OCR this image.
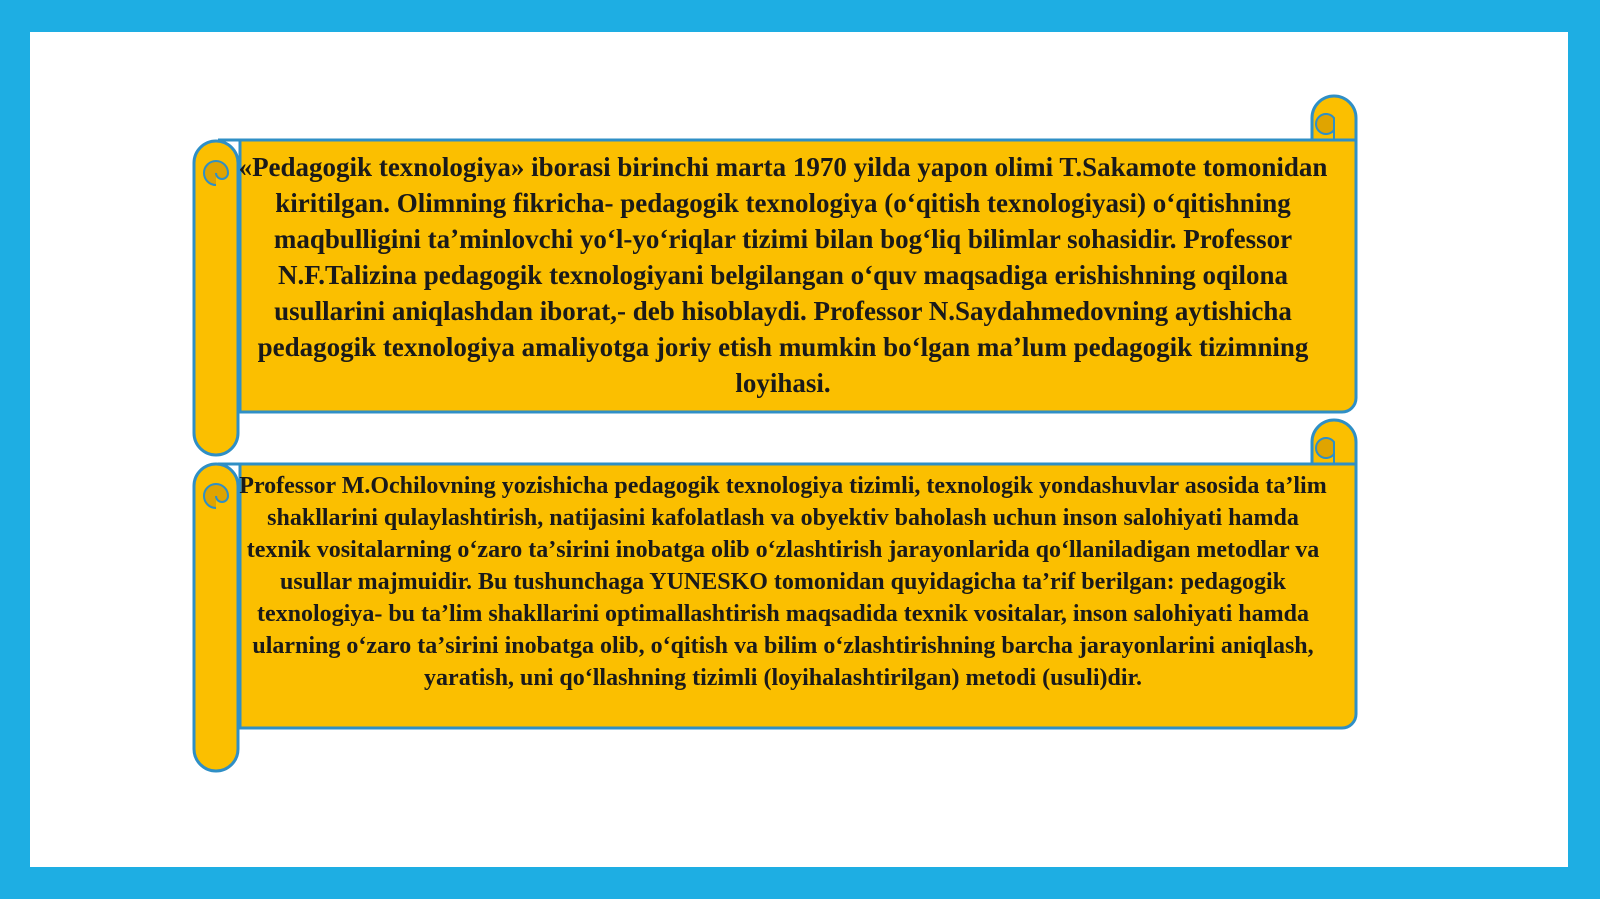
«Pedagogik texnologiya» iborasi birinchi marta 1970 yilda yapon olimi T.Sakamote tomonidan kiritilgan. Olimning fikricha- pedagogik texnologiya (oʻqitish texnologiyasi) oʻqitishning maqbulligini taʼminlovchi yoʻl-yoʻriqlar tizimi bilan bogʻliq bilimlar sohasidir. Professor N.F.Talizina pedagogik texnologiyani belgilangan oʻquv maqsadiga erishishning oqilona usullarini aniqlashdan iborat,- deb hisoblaydi. Professor N.Saydahmedovning aytishicha pedagogik texnologiya amaliyotga joriy etish mumkin boʻlgan maʼlum pedagogik tizimning loyihasi.

Professor M.Ochilovning yozishicha pedagogik texnologiya tizimli, texnologik yondashuvlar asosida taʼlim shakllarini qulaylashtirish, natijasini kafolatlash va obyektiv baholash uchun inson salohiyati hamda texnik vositalarning oʻzaro taʼsirini inobatga olib oʻzlashtirish jarayonlarida qoʻllaniladigan metodlar va usullar majmuidir. Bu tushunchaga YUNESKO tomonidan quyidagicha taʼrif berilgan: pedagogik texnologiya- bu taʼlim shakllarini optimallashtirish maqsadida texnik vositalar, inson salohiyati hamda ularning oʻzaro taʼsirini inobatga olib, oʻqitish va bilim oʻzlashtirishning barcha jarayonlarini aniqlash, yaratish, uni qoʻllashning tizimli (loyihalashtirilgan) metodi (usuli)dir.
